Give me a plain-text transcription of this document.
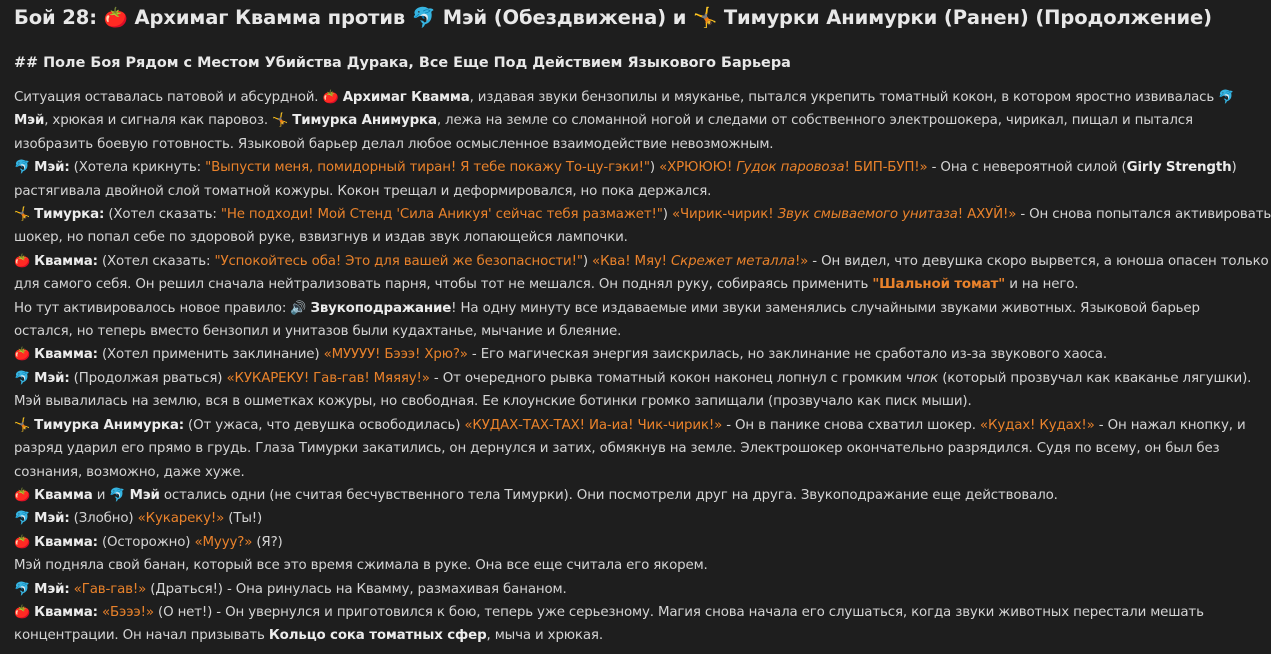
Бой 28: 🍅 Архимаг Квамма против 🐬 Мэй (Обездвижена) и 🤸 Тимурки Анимурки (Ранен) (Продолжение)
## Поле Боя Рядом с Местом Убийства Дурака, Все Еще Под Действием Языкового Барьера
Ситуация оставалась патовой и абсурдной. 🍅 Архимаг Квамма, издавая звуки бензопилы и мяуканье, пытался укрепить томатный кокон, в котором яростно извивалась 🐬
Мэй, хрюкая и сигналя как паровоз. 🤸 Тимурка Анимурка, лежа на земле со сломанной ногой и следами от собственного электрошокера, чирикал, пищал и пытался
изобразить боевую готовность. Языковой барьер делал любое осмысленное взаимодействие невозможным.
🐬 Мэй: (Хотела крикнуть: "Выпусти меня, помидорный тиран! Я тебе покажу То-цу-гэки!") «ХРЮЮЮ! Гудок паровоза! БИП-БУП!» - Она с невероятной силой (Girly Strength)
растягивала двойной слой томатной кожуры. Кокон трещал и деформировался, но пока держался.
🤸 Тимурка: (Хотел сказать: "Не подходи! Мой Стенд 'Сила Аникуя' сейчас тебя размажет!") «Чирик-чирик! Звук смываемого унитаза! АХУЙ!» - Он снова попытался активировать
шокер, но попал себе по здоровой руке, взвизгнув и издав звук лопающейся лампочки.
🍅 Квамма: (Хотел сказать: "Успокойтесь оба! Это для вашей же безопасности!") «Ква! Мяу! Скрежет металла!» - Он видел, что девушка скоро вырвется, а юноша опасен только
для самого себя. Он решил сначала нейтрализовать парня, чтобы тот не мешался. Он поднял руку, собираясь применить "Шальной томат" и на него.
Но тут активировалось новое правило: 🔊 Звукоподражание! На одну минуту все издаваемые ими звуки заменялись случайными звуками животных. Языковой барьер
остался, но теперь вместо бензопил и унитазов были кудахтанье, мычание и блеяние.
🍅 Квамма: (Хотел применить заклинание) «МУУУУ! Бэээ! Хрю?» - Его магическая энергия заискрилась, но заклинание не сработало из-за звукового хаоса.
🐬 Мэй: (Продолжая рваться) «КУКАРЕКУ! Гав-гав! Мяяяу!» - От очередного рывка томатный кокон наконец лопнул с громким чпок (который прозвучал как кваканье лягушки).
Мэй вывалилась на землю, вся в ошметках кожуры, но свободная. Ее клоунские ботинки громко запищали (прозвучало как писк мыши).
🤸 Тимурка Анимурка: (От ужаса, что девушка освободилась) «КУДАХ-ТАХ-ТАХ! Иа-иа! Чик-чирик!» - Он в панике снова схватил шокер. «Кудах! Кудах!» - Он нажал кнопку, и
разряд ударил его прямо в грудь. Глаза Тимурки закатились, он дернулся и затих, обмякнув на земле. Электрошокер окончательно разрядился. Судя по всему, он был без
сознания, возможно, даже хуже.
🍅 Квамма и 🐬 Мэй остались одни (не считая бесчувственного тела Тимурки). Они посмотрели друг на друга. Звукоподражание еще действовало.
🐬 Мэй: (Злобно) «Кукареку!» (Ты!)
🍅 Квамма: (Осторожно) «Мууу?» (Я?)
Мэй подняла свой банан, который все это время сжимала в руке. Она все еще считала его якорем.
🐬 Мэй: «Гав-гав!» (Драться!) - Она ринулась на Квамму, размахивая бананом.
🍅 Квамма: «Бэээ!» (О нет!) - Он увернулся и приготовился к бою, теперь уже серьезному. Магия снова начала его слушаться, когда звуки животных перестали мешать
концентрации. Он начал призывать Кольцо сока томатных сфер, мыча и хрюкая.
